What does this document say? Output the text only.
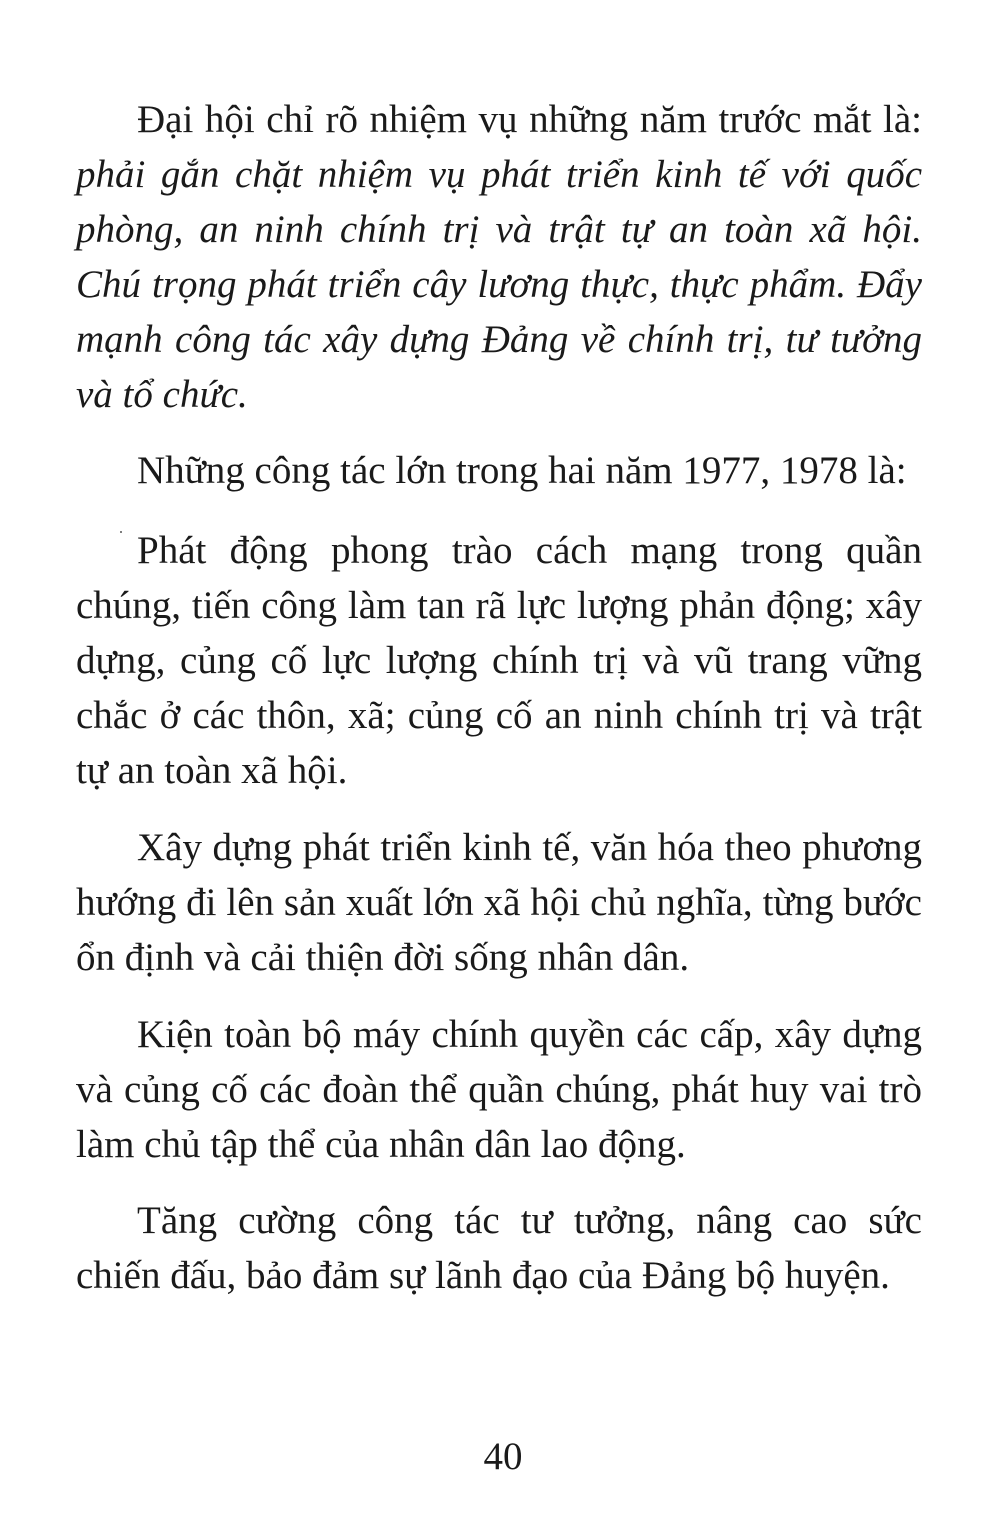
Đại hội chỉ rõ nhiệm vụ những năm trước mắt là: phải gắn chặt nhiệm vụ phát triển kinh tế với quốc phòng, an ninh chính trị và trật tự an toàn xã hội. Chú trọng phát triển cây lương thực, thực phẩm. Đẩy mạnh công tác xây dựng Đảng về chính trị, tư tưởng và tổ chức.

Những công tác lớn trong hai năm 1977, 1978 là:

Phát động phong trào cách mạng trong quần chúng, tiến công làm tan rã lực lượng phản động; xây dựng, củng cố lực lượng chính trị và vũ trang vững chắc ở các thôn, xã; củng cố an ninh chính trị và trật tự an toàn xã hội.

Xây dựng phát triển kinh tế, văn hóa theo phương hướng đi lên sản xuất lớn xã hội chủ nghĩa, từng bước ổn định và cải thiện đời sống nhân dân.

Kiện toàn bộ máy chính quyền các cấp, xây dựng và củng cố các đoàn thể quần chúng, phát huy vai trò làm chủ tập thể của nhân dân lao động.

Tăng cường công tác tư tưởng, nâng cao sức chiến đấu, bảo đảm sự lãnh đạo của Đảng bộ huyện.

40
